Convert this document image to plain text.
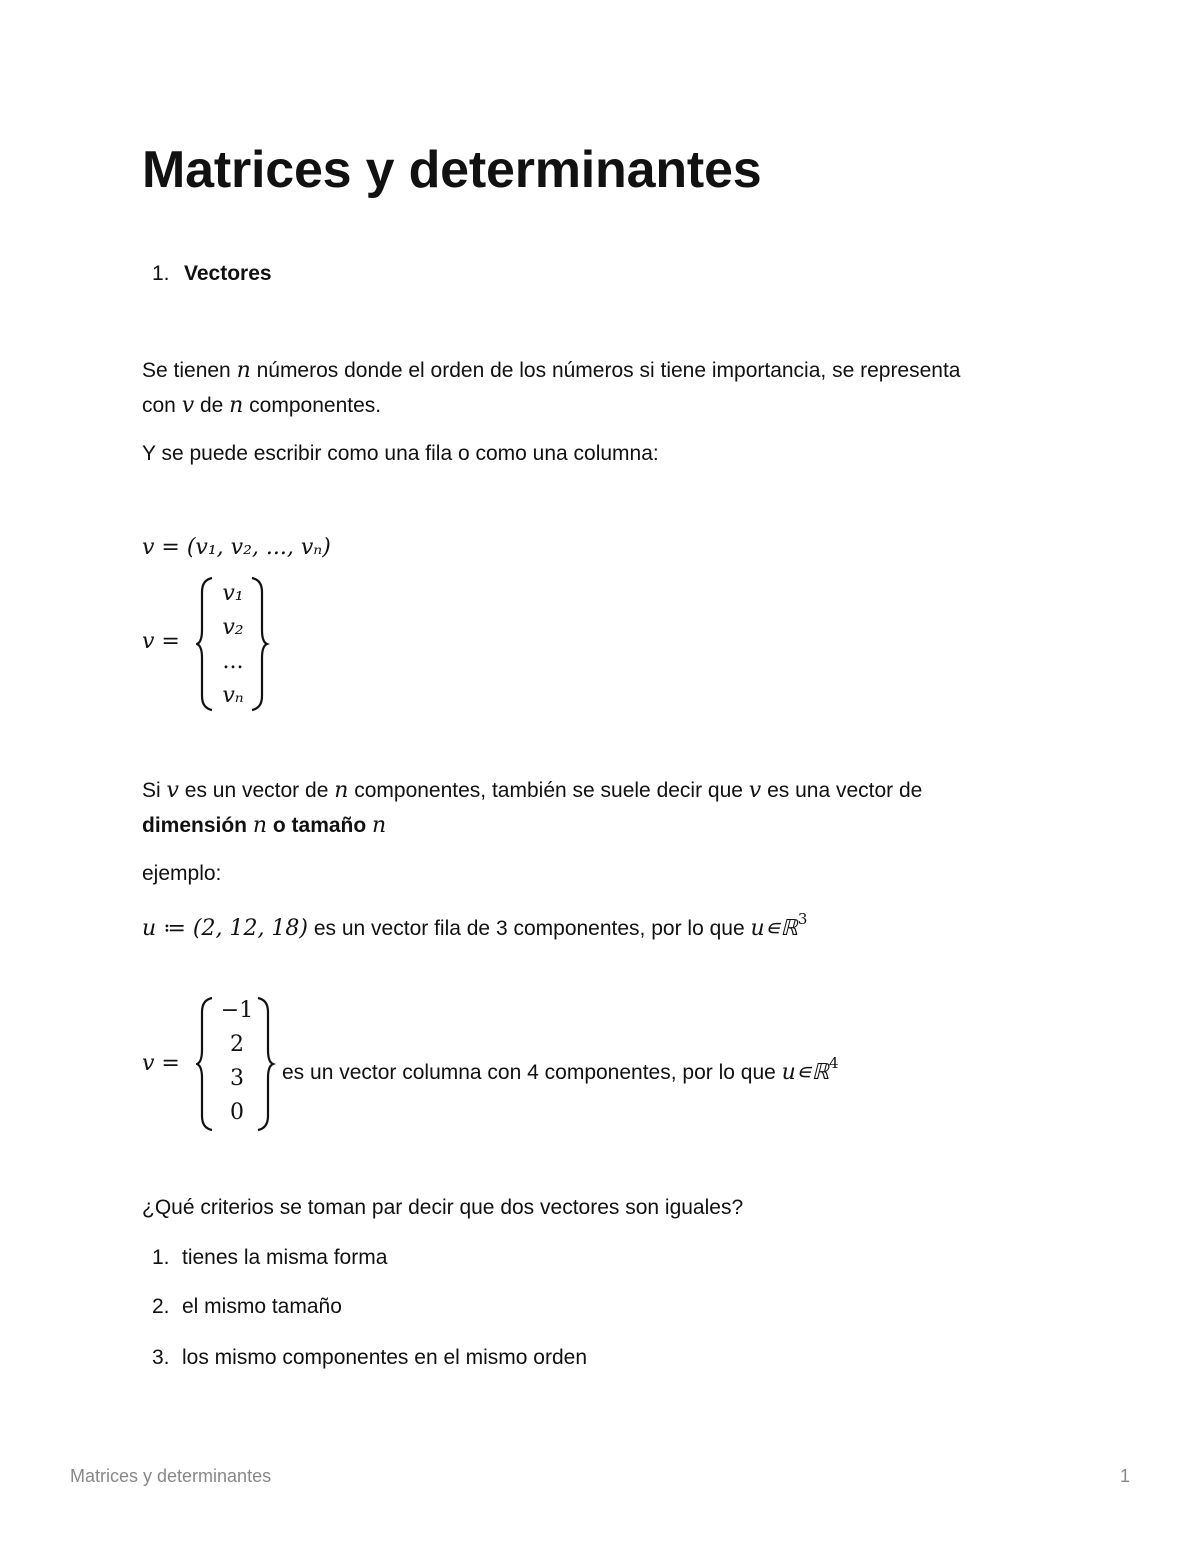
Matrices y determinantes
1. Vectores

Se tienen n números donde el orden de los números si tiene importancia, se representa

con v de n componentes.

Y se puede escribir como una fila o como una columna:

v = (v₁, v₂, ..., vₙ)

v =
v₁
v₂
...
vₙ

Si v es un vector de n componentes, también se suele decir que v es una vector de

dimensión n o tamaño n

ejemplo:

u ≔ (2, 12, 18) es un vector fila de 3 componentes, por lo que u∊ℝ$^3$

v =
−1
2
3
0

es un vector columna con 4 componentes, por lo que u∊ℝ$^4$

¿Qué criterios se toman par decir que dos vectores son iguales?

1. tienes la misma forma
2. el mismo tamaño
3. los mismo componentes en el mismo orden
Matrices y determinantes	1
